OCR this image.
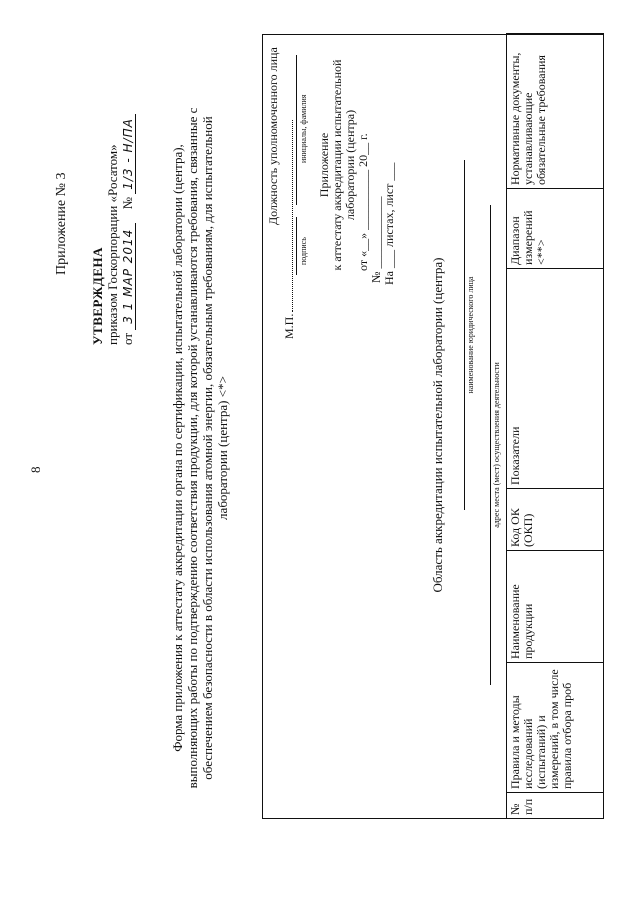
8
Приложение № 3
УТВЕРЖДЕНА приказом Госкорпорации «Росатом» от 3 1 МАР 2014 № 1/3 - Н/ПА	Форма приложения к аттестату аккредитации органа по сертификации, испытательной лаборатории (центра), выполняющих работы по подтверждению соответствия продукции, для которой устанавливаются требования, связанные с обеспечением безопасности в области использования атомной энергии, обязательным требованиям, для испытательной лаборатории (центра) <*>
Должность уполномоченного лица
М.П.
подпись
инициалы, фамилия
Приложение к аттестату аккредитации испытательной лаборатории (центра) от «__» __________ 20__ г. № ____________ На ___ листах, лист ___
Область аккредитации испытательной лаборатории (центра)	наименование юридического лица
адрес места (мест) осуществления деятельности
№ п/п	Правила и методы исследований (испытаний) и измерений, в том числе правила отбора проб	Наименование продукции	Код ОК (ОКП)	Показатели	Диапазон измерений <**>	Нормативные документы, устанавливающие обязательные требования
